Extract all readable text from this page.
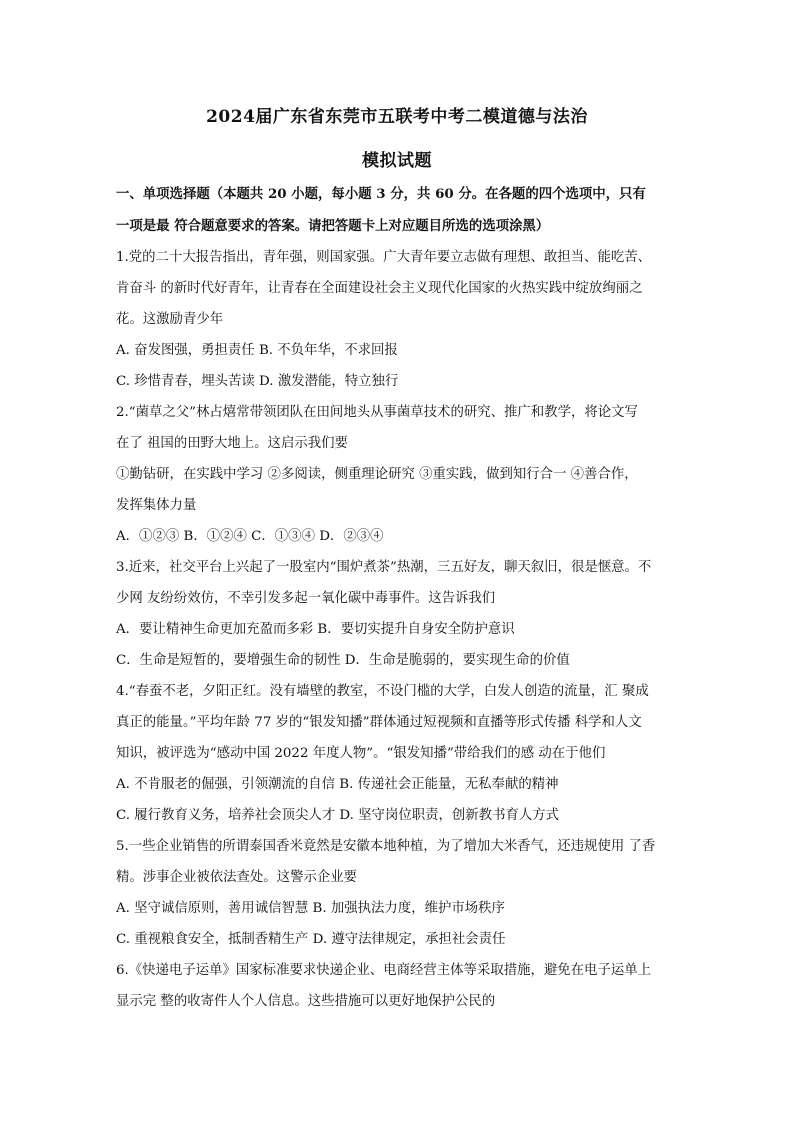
2024届广东省东莞市五联考中考二模道德与法治
模拟试题
一、单项选择题（本题共 20 小题，每小题 3 分，共 60 分。在各题的四个选项中，只有
一项是最 符合题意要求的答案。请把答题卡上对应题目所选的选项涂黑）
1.党的二十大报告指出，青年强，则国家强。广大青年要立志做有理想、敢担当、能吃苦、
肯奋斗 的新时代好青年，让青春在全面建设社会主义现代化国家的火热实践中绽放绚丽之
花。这激励青少年
A. 奋发图强，勇担责任 B. 不负年华，不求回报
C. 珍惜青春，埋头苦读 D. 激发潜能，特立独行
2.“菌草之父”林占熺常带领团队在田间地头从事菌草技术的研究、推广和教学，将论文写
在了 祖国的田野大地上。这启示我们要
①勤钻研，在实践中学习 ②多阅读，侧重理论研究 ③重实践，做到知行合一 ④善合作，
发挥集体力量
A．①②③ B．①②④ C．①③④ D．②③④
3.近来，社交平台上兴起了一股室内“围炉煮茶”热潮，三五好友，聊天叙旧，很是惬意。不
少网 友纷纷效仿，不幸引发多起一氧化碳中毒事件。这告诉我们
A．要让精神生命更加充盈而多彩 B．要切实提升自身安全防护意识
C．生命是短暂的，要增强生命的韧性 D．生命是脆弱的，要实现生命的价值
4.“春蚕不老，夕阳正红。没有墙壁的教室，不设门槛的大学，白发人创造的流量，汇 聚成
真正的能量。”平均年龄 77 岁的“银发知播”群体通过短视频和直播等形式传播 科学和人文
知识，被评选为“感动中国 2022 年度人物”。“银发知播”带给我们的感 动在于他们
A. 不肯服老的倔强，引领潮流的自信 B. 传递社会正能量，无私奉献的精神
C. 履行教育义务，培养社会顶尖人才 D. 坚守岗位职责，创新教书育人方式
5.一些企业销售的所谓泰国香米竟然是安徽本地种植，为了增加大米香气，还违规使用 了香
精。涉事企业被依法查处。这警示企业要
A. 坚守诚信原则，善用诚信智慧 B. 加强执法力度，维护市场秩序
C. 重视粮食安全，抵制香精生产 D. 遵守法律规定，承担社会责任
6.《快递电子运单》国家标准要求快递企业、电商经营主体等采取措施，避免在电子运单上
显示完 整的收寄件人个人信息。这些措施可以更好地保护公民的
